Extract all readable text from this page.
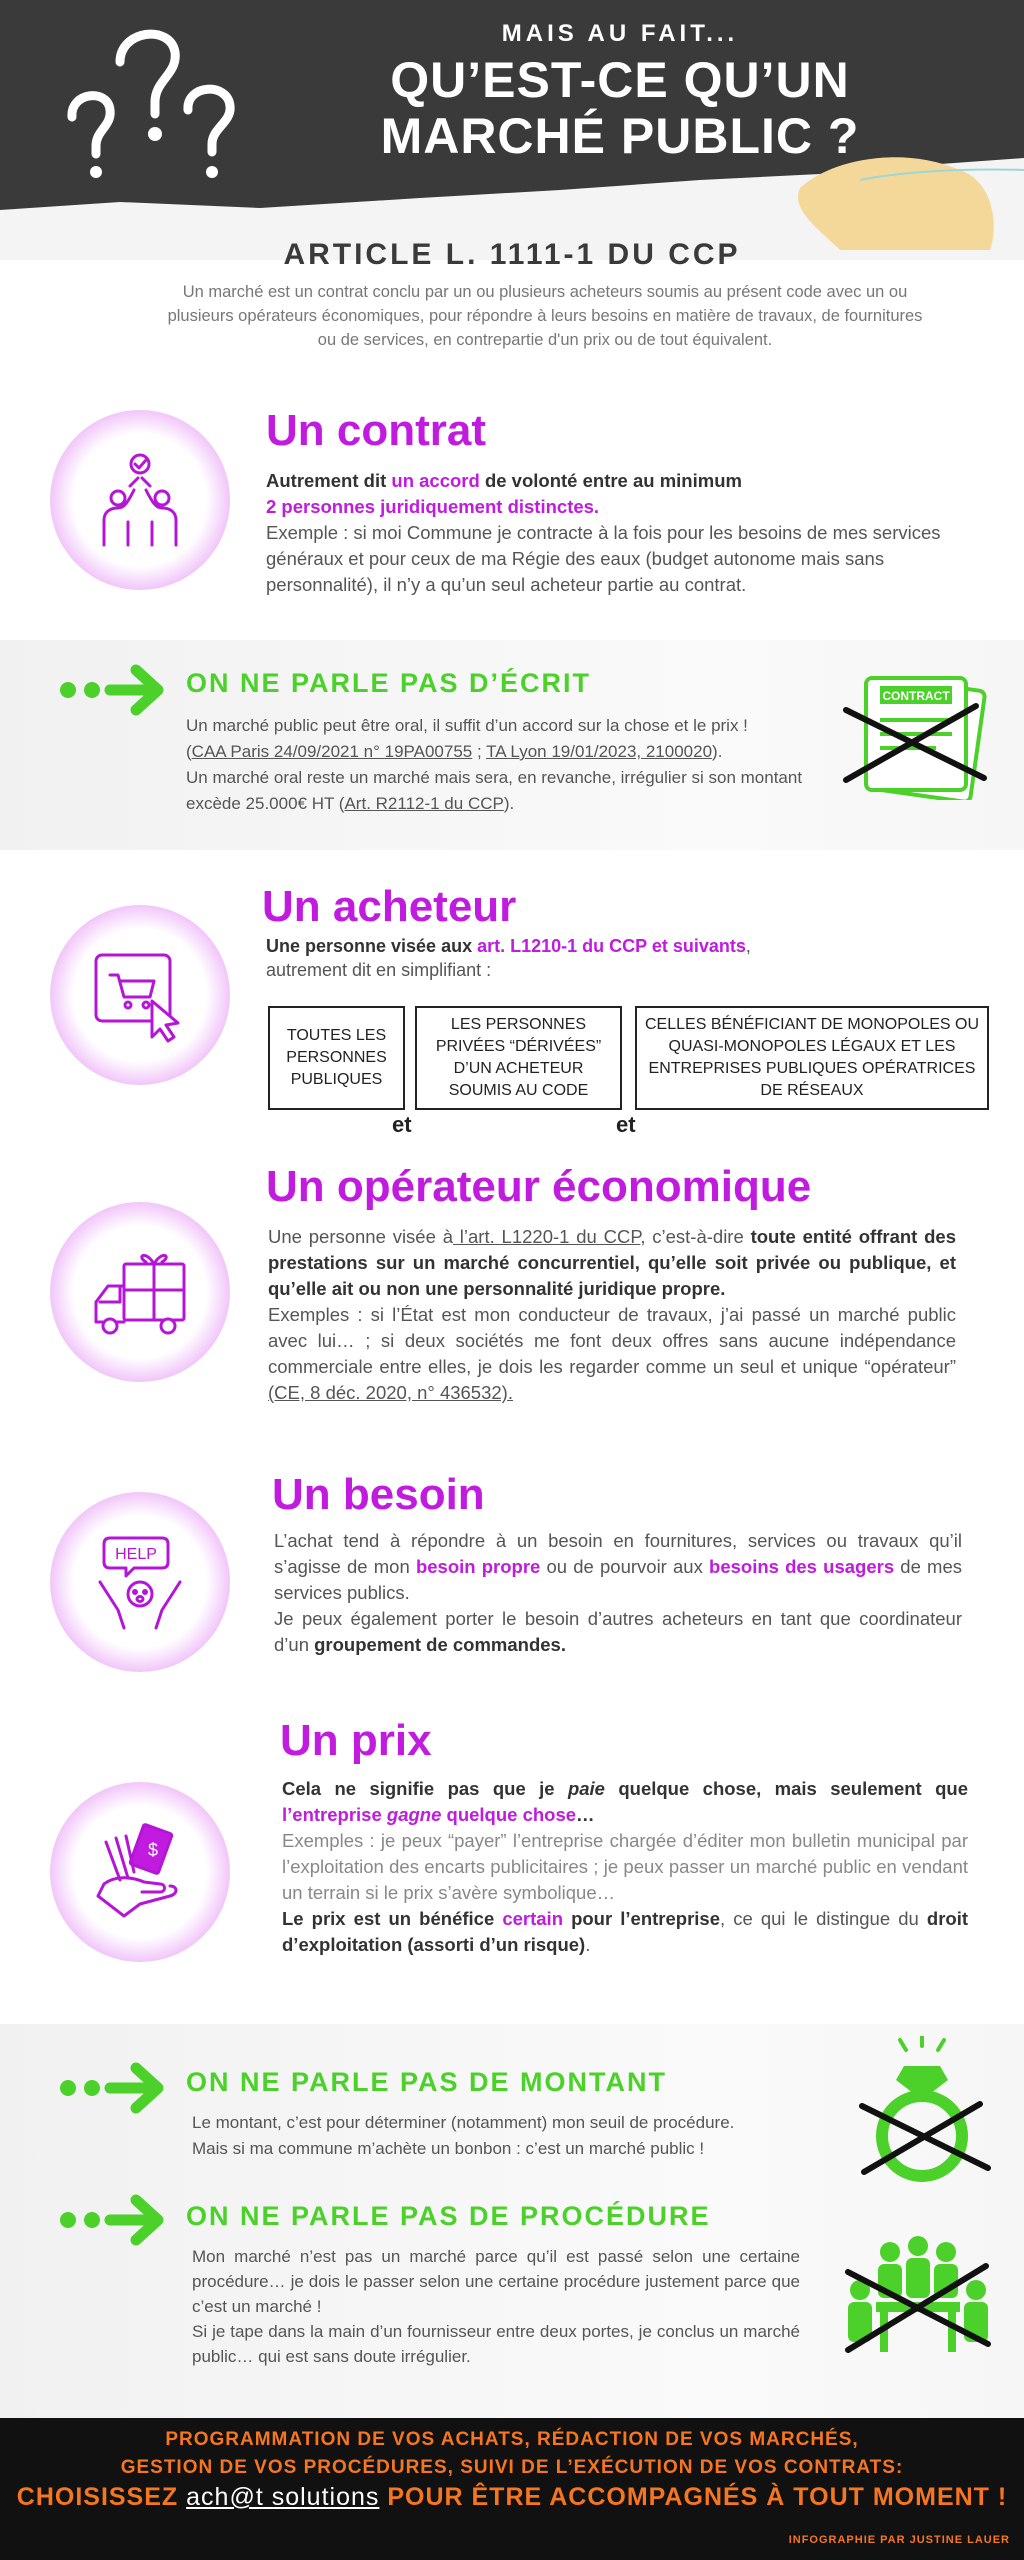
MAIS AU FAIT...
QU’EST-CE QU’UN
MARCHÉ PUBLIC ?
ARTICLE L. 1111-1 DU CCP
Un marché est un contrat conclu par un ou plusieurs acheteurs soumis au présent code avec un ou plusieurs opérateurs économiques, pour répondre à leurs besoins en matière de travaux, de fournitures ou de services, en contrepartie d'un prix ou de tout équivalent.
Un contrat
Autrement dit un accord de volonté entre au minimum
2 personnes juridiquement distinctes.
Exemple : si moi Commune je contracte à la fois pour les besoins de mes services généraux et pour ceux de ma Régie des eaux (budget autonome mais sans personnalité), il n’y a qu’un seul acheteur partie au contrat.
ON NE PARLE PAS D’ÉCRIT
Un marché public peut être oral, il suffit d’un accord sur la chose et le prix !
(CAA Paris 24/09/2021 n° 19PA00755 ; TA Lyon 19/01/2023, 2100020).
Un marché oral reste un marché mais sera, en revanche, irrégulier si son montant excède 25.000€ HT (Art. R2112-1 du CCP).
CONTRACT
Un acheteur
Une personne visée aux art. L1210-1 du CCP et suivants,
autrement dit en simplifiant :
TOUTES LES PERSONNES PUBLIQUES
LES PERSONNES PRIVÉES “DÉRIVÉES” D’UN ACHETEUR SOUMIS AU CODE
CELLES BÉNÉFICIANT DE MONOPOLES OU QUASI-MONOPOLES LÉGAUX ET LES ENTREPRISES PUBLIQUES OPÉRATRICES DE RÉSEAUX
et	et
Un opérateur économique
Une personne visée à l’art. L1220-1 du CCP, c’est-à-dire toute entité offrant des prestations sur un marché concurrentiel, qu’elle soit privée ou publique, et qu’elle ait ou non une personnalité juridique propre.
Exemples : si l’État est mon conducteur de travaux, j’ai passé un marché public avec lui… ; si deux sociétés me font deux offres sans aucune indépendance commerciale entre elles, je dois les regarder comme un seul et unique “opérateur” (CE, 8 déc. 2020, n° 436532).
HELP
Un besoin
L’achat tend à répondre à un besoin en fournitures, services ou travaux qu’il s’agisse de mon besoin propre ou de pourvoir aux besoins des usagers de mes services publics.
Je peux également porter le besoin d’autres acheteurs en tant que coordinateur d’un groupement de commandes.
$
Un prix
Cela ne signifie pas que je paie quelque chose, mais seulement que l’entreprise gagne quelque chose…
Exemples : je peux “payer” l’entreprise chargée d’éditer mon bulletin municipal par l’exploitation des encarts publicitaires ; je peux passer un marché public en vendant un terrain si le prix s’avère symbolique…
Le prix est un bénéfice certain pour l’entreprise, ce qui le distingue du droit d’exploitation (assorti d’un risque).
ON NE PARLE PAS DE MONTANT
Le montant, c’est pour déterminer (notamment) mon seuil de procédure.
Mais si ma commune m’achète un bonbon : c’est un marché public !
ON NE PARLE PAS DE PROCÉDURE
Mon marché n’est pas un marché parce qu’il est passé selon une certaine procédure… je dois le passer selon une certaine procédure justement parce que c’est un marché !
Si je tape dans la main d’un fournisseur entre deux portes, je conclus un marché public… qui est sans doute irrégulier.
PROGRAMMATION DE VOS ACHATS, RÉDACTION DE VOS MARCHÉS,
GESTION DE VOS PROCÉDURES, SUIVI DE L’EXÉCUTION DE VOS CONTRATS:
CHOISISSEZ ach@t solutions POUR ÊTRE ACCOMPAGNÉS À TOUT MOMENT !
INFOGRAPHIE PAR JUSTINE LAUER
